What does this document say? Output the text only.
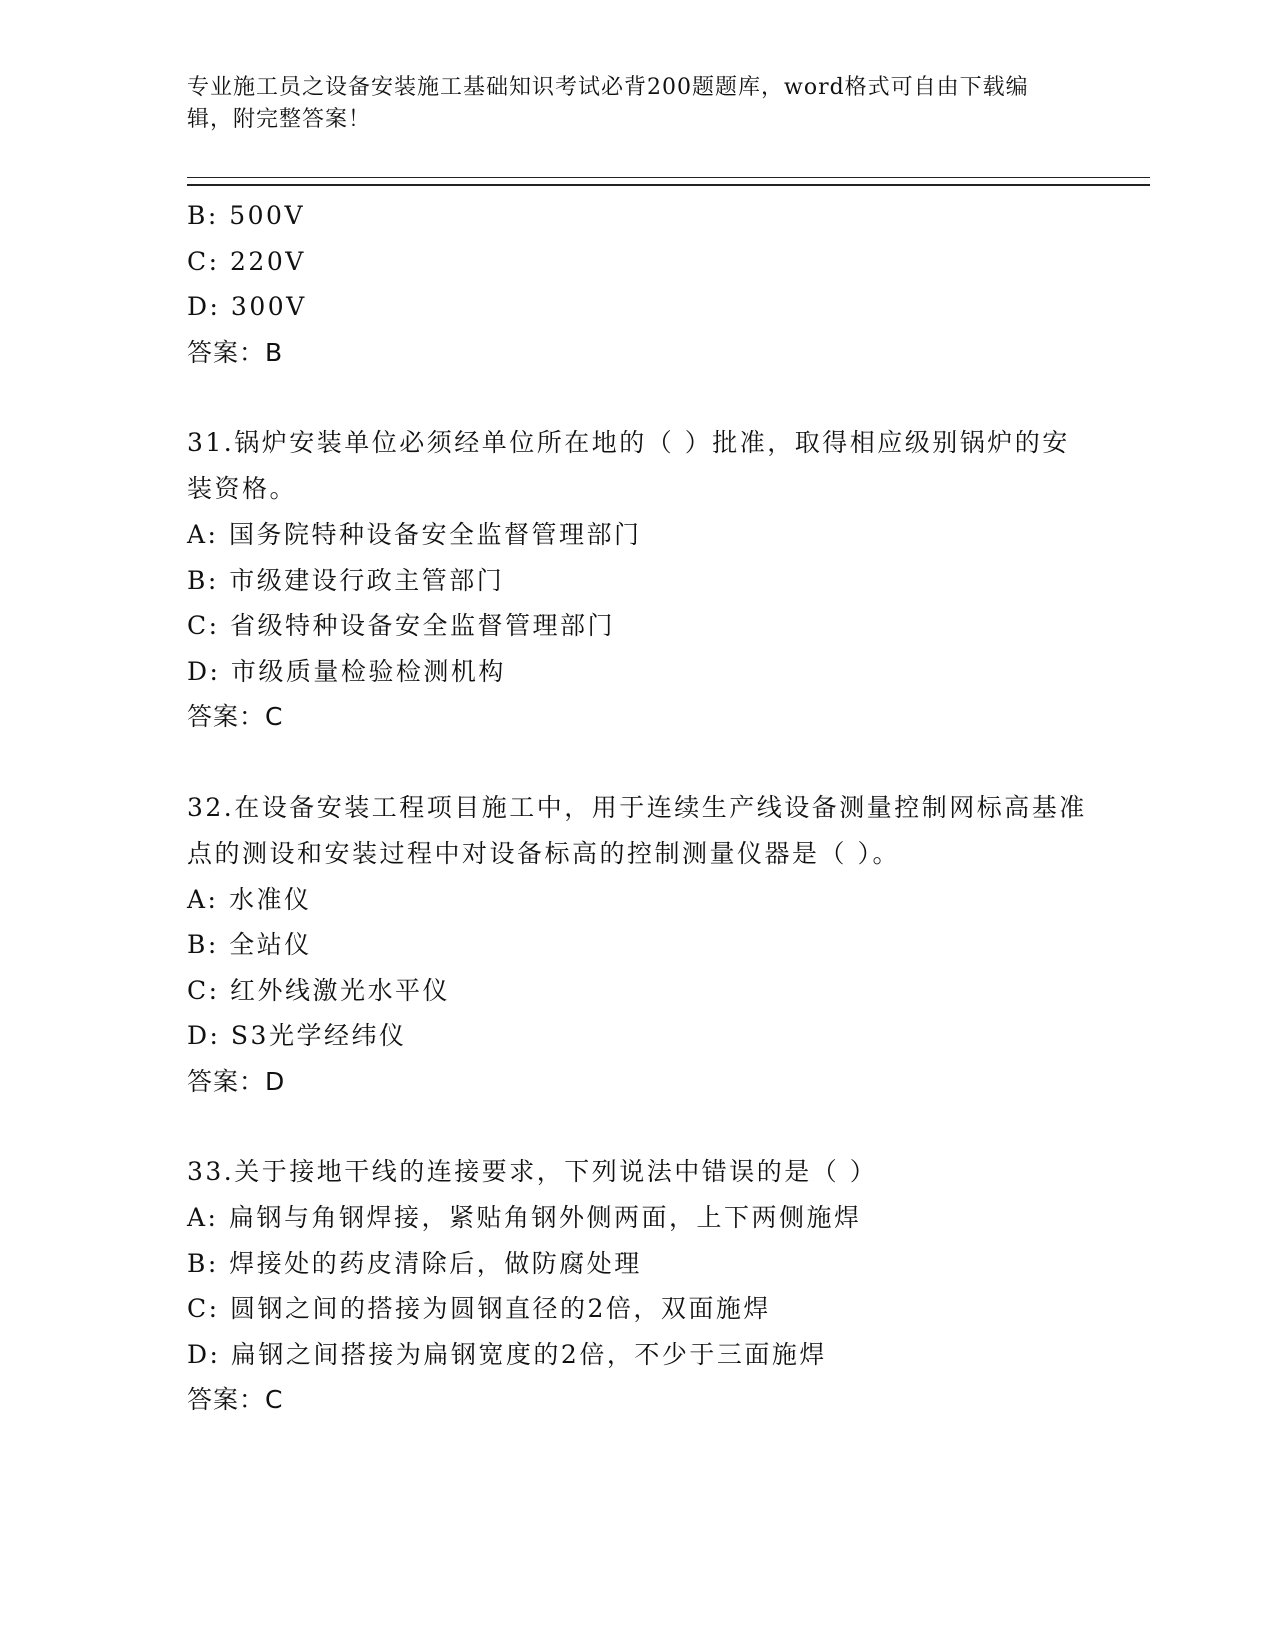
专业施工员之设备安装施工基础知识考试必背200题题库，word格式可自由下载编辑，附完整答案！
B: 500V
C: 220V
D: 300V
答案：B
31.锅炉安装单位必须经单位所在地的（ ）批准，取得相应级别锅炉的安装资格。
A: 国务院特种设备安全监督管理部门
B: 市级建设行政主管部门
C: 省级特种设备安全监督管理部门
D: 市级质量检验检测机构
答案：C
32.在设备安装工程项目施工中，用于连续生产线设备测量控制网标高基准点的测设和安装过程中对设备标高的控制测量仪器是（ ）。
A: 水准仪
B: 全站仪
C: 红外线激光水平仪
D: S3光学经纬仪
答案：D
33.关于接地干线的连接要求，下列说法中错误的是（ ）
A: 扁钢与角钢焊接，紧贴角钢外侧两面，上下两侧施焊
B: 焊接处的药皮清除后，做防腐处理
C: 圆钢之间的搭接为圆钢直径的2倍，双面施焊
D: 扁钢之间搭接为扁钢宽度的2倍，不少于三面施焊
答案：C
